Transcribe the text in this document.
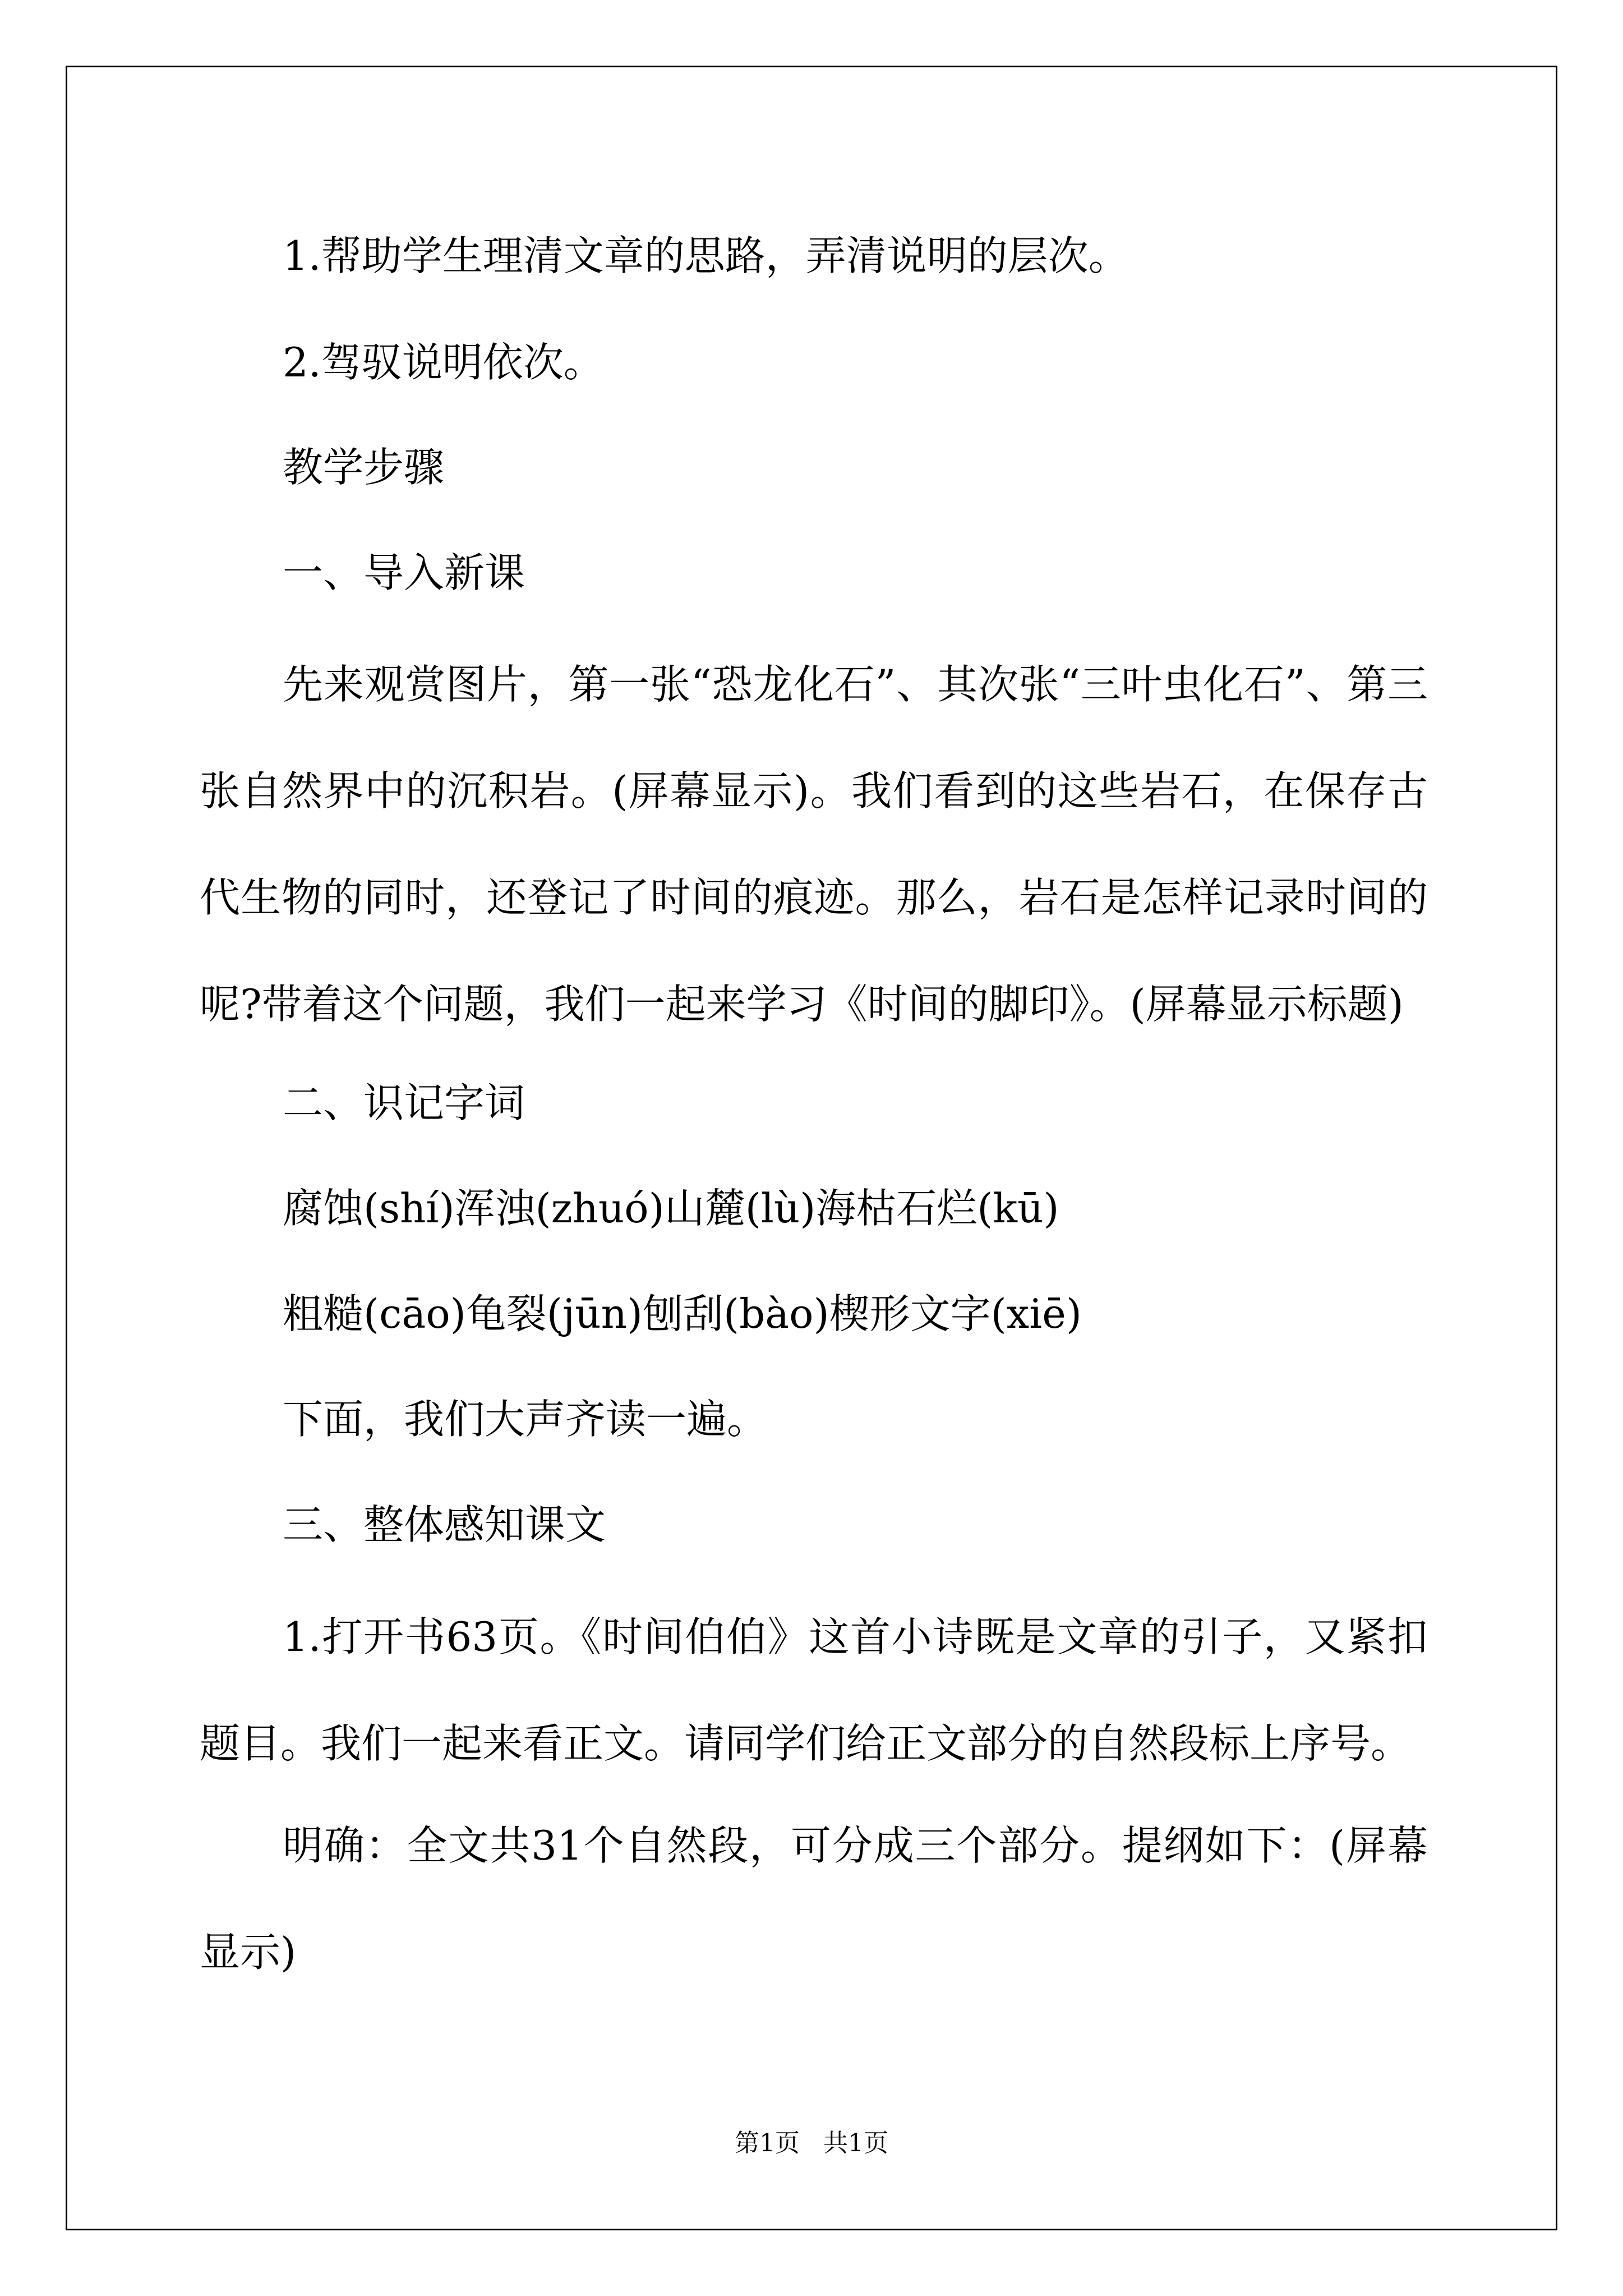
1.帮助学生理清文章的思路，弄清说明的层次。
2.驾驭说明依次。
教学步骤
一、导入新课
先来观赏图片，第一张“恐龙化石”、其次张“三叶虫化石”、第三张自然界中的沉积岩。(屏幕显示)。我们看到的这些岩石，在保存古代生物的同时，还登记了时间的痕迹。那么，岩石是怎样记录时间的呢?带着这个问题，我们一起来学习《时间的脚印》。(屏幕显示标题)
二、识记字词
腐蚀(shí)浑浊(zhuó)山麓(lù)海枯石烂(kū)
粗糙(cāo)龟裂(jūn)刨刮(bào)楔形文字(xiē)
下面，我们大声齐读一遍。
三、整体感知课文
1.打开书63页。《时间伯伯》这首小诗既是文章的引子，又紧扣题目。我们一起来看正文。请同学们给正文部分的自然段标上序号。
明确：全文共31个自然段，可分成三个部分。提纲如下：(屏幕显示)
第1页 共1页
